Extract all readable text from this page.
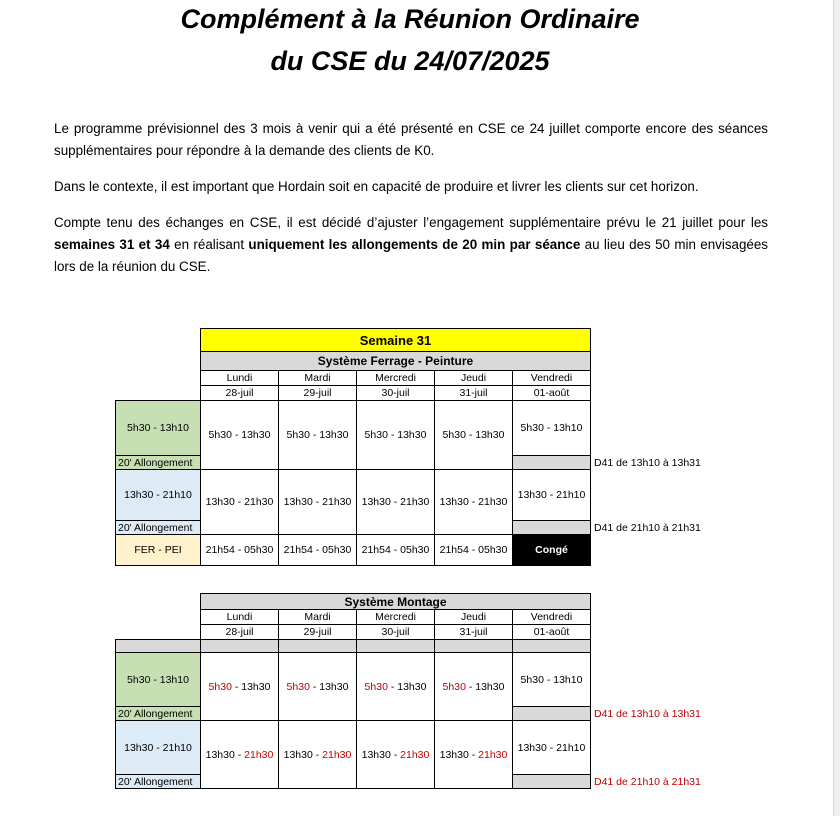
Complément à la Réunion Ordinaire
du CSE du 24/07/2025
Le programme prévisionnel des 3 mois à venir qui a été présenté en CSE ce 24 juillet comporte encore des séances supplémentaires pour répondre à la demande des clients de K0.
Dans le contexte, il est important que Hordain soit en capacité de produire et livrer les clients sur cet horizon.
Compte tenu des échanges en CSE, il est décidé d’ajuster l’engagement supplémentaire prévu le 21 juillet pour les semaines 31 et 34 en réalisant uniquement les allongements de 20 min par séance au lieu des 50 min envisagées lors de la réunion du CSE.
	Semaine 31					
	Système Ferrage - Peinture					
	Lundi	Mardi	Mercredi	Jeudi	Vendredi	
	28-juil	29-juil	30-juil	31-juil	01-août	
5h30 - 13h10	5h30 - 13h30	5h30 - 13h30	5h30 - 13h30	5h30 - 13h30	5h30 - 13h10	
20' Allongement						D41 de 13h10 à 13h31
13h30 - 21h10	13h30 - 21h30	13h30 - 21h30	13h30 - 21h30	13h30 - 21h30	13h30 - 21h10	
20' Allongement						D41 de 21h10 à 21h31
FER - PEI	21h54 - 05h30	21h54 - 05h30	21h54 - 05h30	21h54 - 05h30	Congé	
	Système Montage					
	Lundi	Mardi	Mercredi	Jeudi	Vendredi	
	28-juil	29-juil	30-juil	31-juil	01-août	

5h30 - 13h10	5h30 - 13h30	5h30 - 13h30	5h30 - 13h30	5h30 - 13h30	5h30 - 13h10	
20' Allongement						D41 de 13h10 à 13h31
13h30 - 21h10	13h30 - 21h30	13h30 - 21h30	13h30 - 21h30	13h30 - 21h30	13h30 - 21h10	
20' Allongement						D41 de 21h10 à 21h31
